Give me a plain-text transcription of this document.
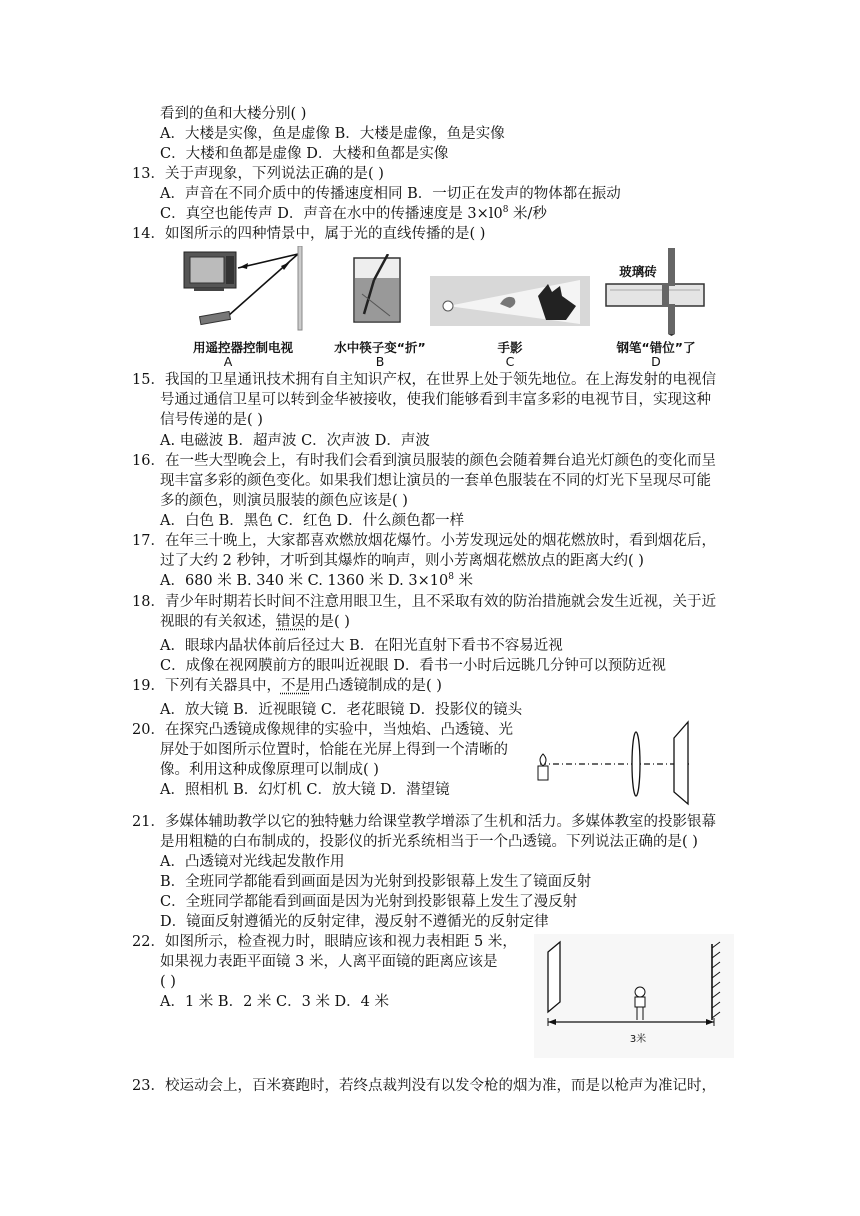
看到的鱼和大楼分别( )
A．大楼是实像，鱼是虚像 B．大楼是虚像，鱼是实像
C．大楼和鱼都是虚像 D．大楼和鱼都是实像
13．关于声现象，下列说法正确的是( )
A．声音在不同介质中的传播速度相同 B．一切正在发声的物体都在振动
C．真空也能传声 D．声音在水中的传播速度是 $3\times l0^8$ 米/秒
14．如图所示的四种情景中，属于光的直线传播的是( )
用遥控器控制电视
A
水中筷子变“折”
B
手影
C
玻璃砖
钢笔“错位”了
D
15．我国的卫星通讯技术拥有自主知识产权，在世界上处于领先地位。在上海发射的电视信
号通过通信卫星可以转到金华被接收，使我们能够看到丰富多彩的电视节目，实现这种
信号传递的是( )
A. 电磁波 B．超声波 C．次声波 D．声波
16．在一些大型晚会上，有时我们会看到演员服装的颜色会随着舞台追光灯颜色的变化而呈
现丰富多彩的颜色变化。如果我们想让演员的一套单色服装在不同的灯光下呈现尽可能
多的颜色，则演员服装的颜色应该是( )
A．白色 B．黑色 C．红色 D．什么颜色都一样
17．在年三十晚上，大家都喜欢燃放烟花爆竹。小芳发现远处的烟花燃放时，看到烟花后，
过了大约 2 秒钟，才听到其爆炸的响声，则小芳离烟花燃放点的距离大约( )
A．680 米 B. 340 米 C. 1360 米 D. $3\times 10^8$ 米
18．青少年时期若长时间不注意用眼卫生，且不采取有效的防治措施就会发生近视，关于近
视眼的有关叙述，错误的是( )
A．眼球内晶状体前后径过大 B．在阳光直射下看书不容易近视
C．成像在视网膜前方的眼叫近视眼 D．看书一小时后远眺几分钟可以预防近视
19．下列有关器具中，不是用凸透镜制成的是( )
A．放大镜 B．近视眼镜 C．老花眼镜 D．投影仪的镜头
20．在探究凸透镜成像规律的实验中，当烛焰、凸透镜、光
屏处于如图所示位置时，恰能在光屏上得到一个清晰的
像。利用这种成像原理可以制成( )
A．照相机 B．幻灯机 C．放大镜 D．潜望镜
21．多媒体辅助教学以它的独特魅力给课堂教学增添了生机和活力。多媒体教室的投影银幕
是用粗糙的白布制成的，投影仪的折光系统相当于一个凸透镜。下列说法正确的是( )
A．凸透镜对光线起发散作用
B．全班同学都能看到画面是因为光射到投影银幕上发生了镜面反射
C．全班同学都能看到画面是因为光射到投影银幕上发生了漫反射
D．镜面反射遵循光的反射定律，漫反射不遵循光的反射定律
22．如图所示，检查视力时，眼睛应该和视力表相距 5 米，
如果视力表距平面镜 3 米，人离平面镜的距离应该是
( )
A．1 米 B．2 米 C．3 米 D．4 米
3米
23．校运动会上，百米赛跑时，若终点裁判没有以发令枪的烟为准，而是以枪声为准记时，
